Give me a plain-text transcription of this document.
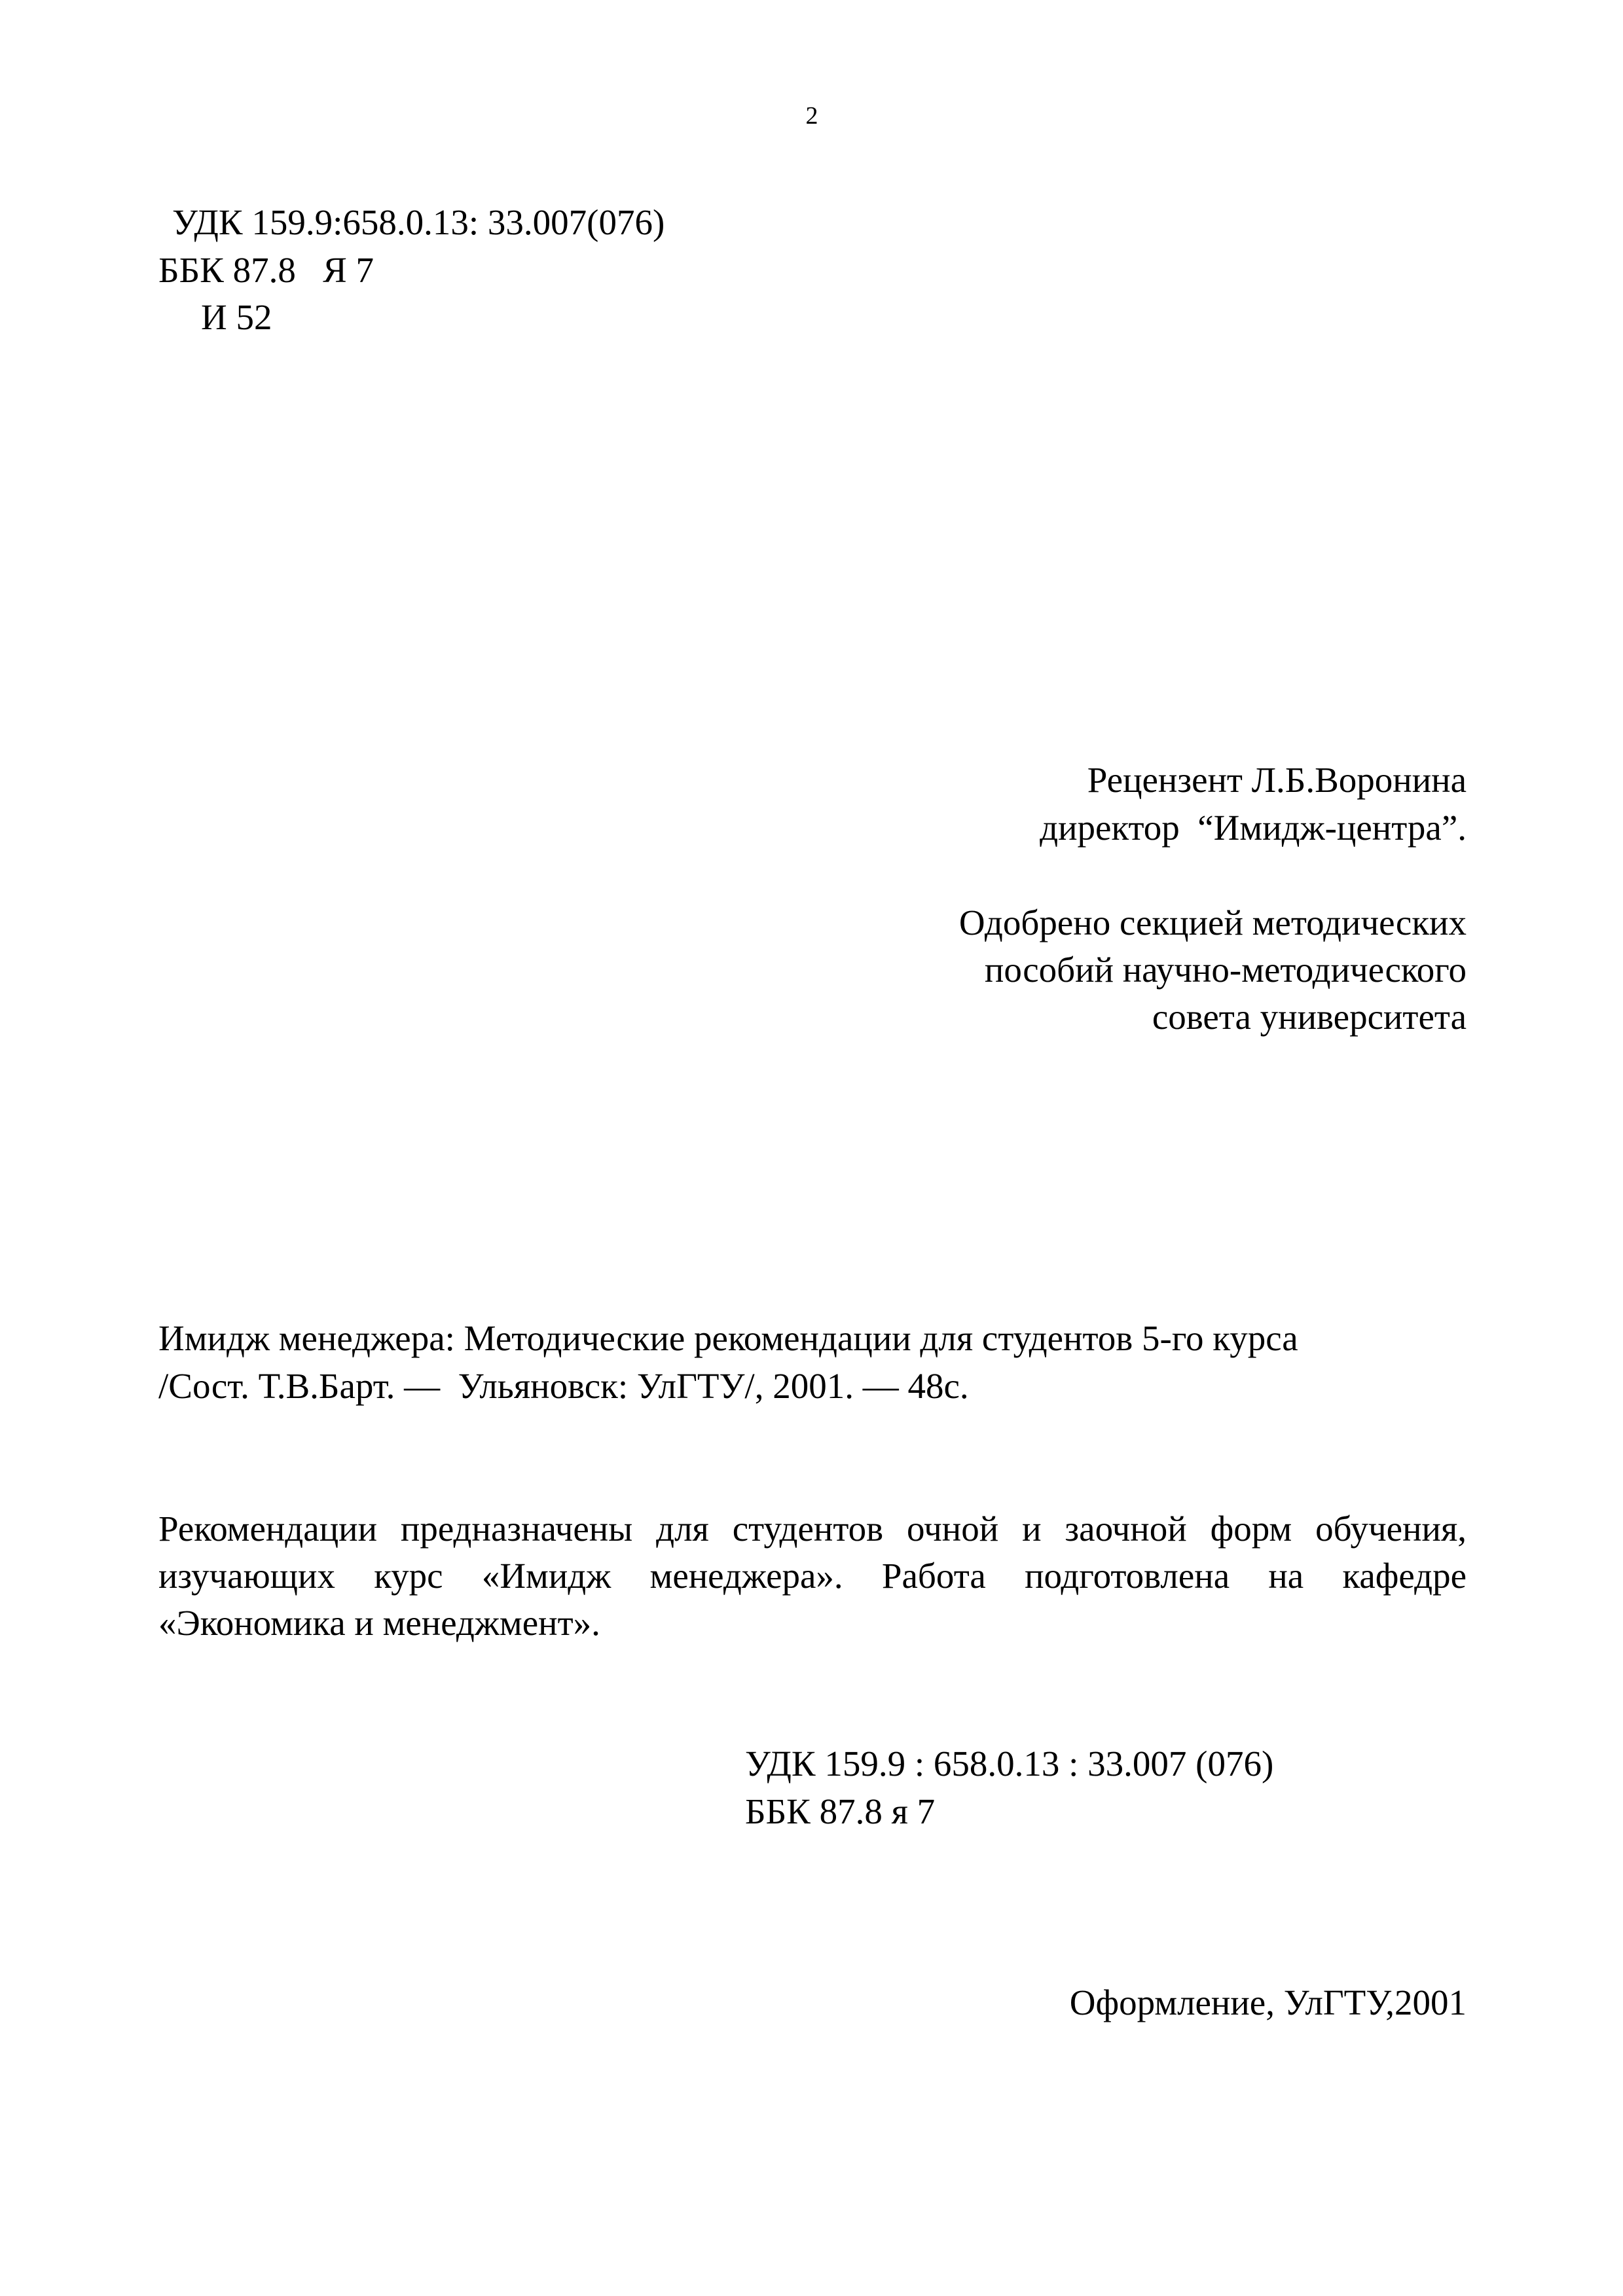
2
УДК 159.9:658.0.13: 33.007(076)
ББК 87.8   Я 7
И 52
Рецензент Л.Б.Воронина
директор  “Имидж-центра”.
Одобрено секцией методических
пособий научно-методического
совета университета
Имидж менеджера: Методические рекомендации для студентов 5-го курса
/Сост. Т.В.Барт. —  Ульяновск: УлГТУ/, 2001. — 48с.
Рекомендации предназначены для студентов очной и заочной форм обучения,
изучающих курс «Имидж менеджера». Работа подготовлена на кафедре
«Экономика и менеджмент».
УДК 159.9 : 658.0.13 : 33.007 (076)
ББК 87.8 я 7
Оформление, УлГТУ,2001
